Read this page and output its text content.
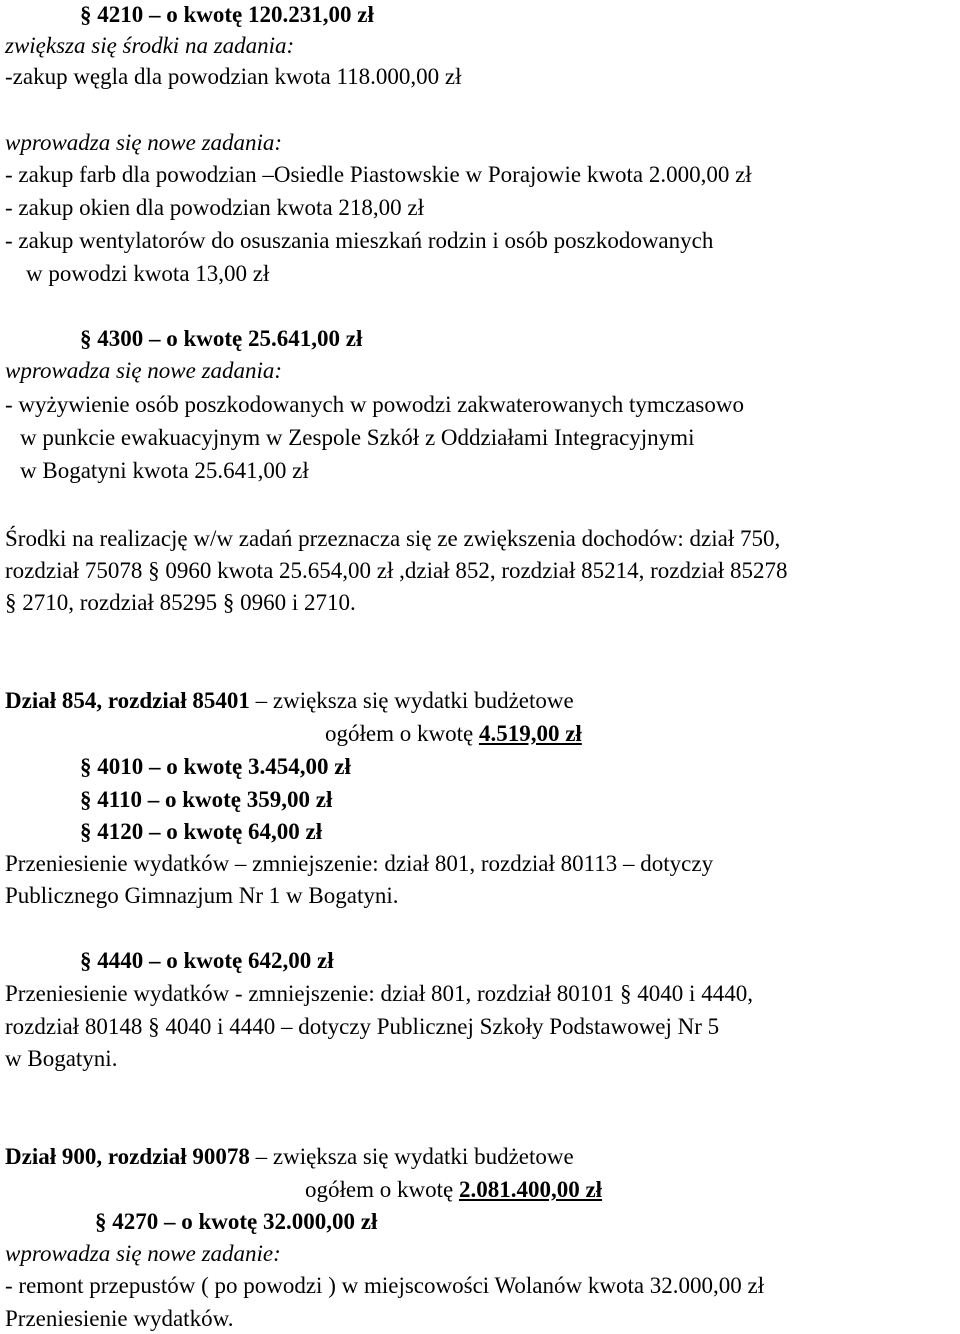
§ 4210 – o kwotę 120.231,00 zł
zwiększa się środki na zadania:
-zakup węgla dla powodzian kwota 118.000,00 zł
wprowadza się nowe zadania:
- zakup farb dla powodzian –Osiedle Piastowskie w Porajowie kwota 2.000,00 zł
- zakup okien dla powodzian kwota 218,00 zł
- zakup wentylatorów do osuszania mieszkań rodzin i osób poszkodowanych
w powodzi kwota 13,00 zł
§ 4300 – o kwotę 25.641,00 zł
wprowadza się nowe zadania:
- wyżywienie osób poszkodowanych w powodzi zakwaterowanych tymczasowo
w punkcie ewakuacyjnym w Zespole Szkół z Oddziałami Integracyjnymi
w Bogatyni kwota 25.641,00 zł
Środki na realizację w/w zadań przeznacza się ze zwiększenia dochodów: dział 750,
rozdział 75078 § 0960 kwota 25.654,00 zł ,dział 852, rozdział 85214, rozdział 85278
§ 2710, rozdział 85295 § 0960 i 2710.
Dział 854, rozdział 85401 – zwiększa się wydatki budżetowe
ogółem o kwotę 4.519,00 zł
§ 4010 – o kwotę 3.454,00 zł
§ 4110 – o kwotę 359,00 zł
§ 4120 – o kwotę 64,00 zł
Przeniesienie wydatków – zmniejszenie: dział 801, rozdział 80113 – dotyczy
Publicznego Gimnazjum Nr 1 w Bogatyni.
§ 4440 – o kwotę 642,00 zł
Przeniesienie wydatków - zmniejszenie: dział 801, rozdział 80101 § 4040 i 4440,
rozdział 80148 § 4040 i 4440 – dotyczy Publicznej Szkoły Podstawowej Nr 5
w Bogatyni.
Dział 900, rozdział 90078 – zwiększa się wydatki budżetowe
ogółem o kwotę 2.081.400,00 zł
§ 4270 – o kwotę 32.000,00 zł
wprowadza się nowe zadanie:
- remont przepustów ( po powodzi ) w miejscowości Wolanów kwota 32.000,00 zł
Przeniesienie wydatków.
